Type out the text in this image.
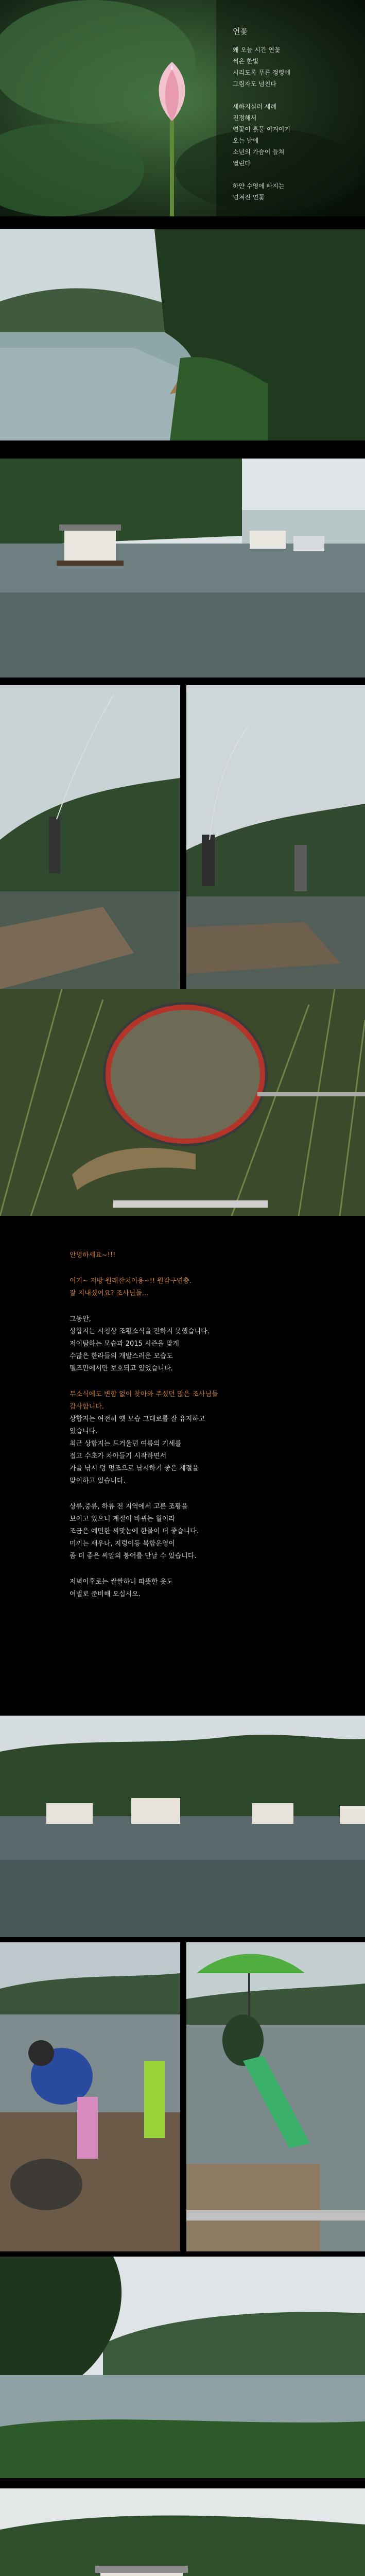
연꽃
왜 오늘 시간 연꽃
쩍은 한빛
시리도록 푸른 정령에
그림자도 넘친다

세하지실러 세례
진정해서
연꽃이 흙물 이겨이기
오는 날에
소년의 가슴이 들쳐
열린다

하얀 수영에 빠지는
넘쳐진 연꽃

안녕하세요~!!!

이기~ 지방 원래잔치이용~!! 원감구연층.
잘 지내셨어요? 조사님들...

그동안,
상합지는 시청상 조황소식을 전하지 못했습니다.
저이탐하는 모습과 2015 시즌을 맞게
수많은 한라들의 개발스러운 모습도
펠즈만에서만 보호되고 있었습니다.

무소식에도 변함 없이 찾아와 주셨던 많은 조사님들
감사합니다.
상합지는 여전히 옛 모습 그대로를 잘 유지하고
있습니다.
최근 상합지는 드거울던 여름의 기세를
접고 수초가 차아들기 시작하면서
가을 낚시 덩 멍조으로 낚시하기 좋은 계절을
맞이하고 있습니다.

상류,중류, 하류 전 지역에서 고른 조황을
보이고 있으니 계절이 바뀌는 월이라
조금은 예민한 찌맛놈에 한물이 더 좋습니다.
미끼는 새우나, 지렁이등 복합운영이
좀 더 좋은 씨알의 붕어를 만날 수 있습니다.

저녁이후로는 쌀쌀하니 따뜻한 옷도
여벌로 준비해 오십시오.
